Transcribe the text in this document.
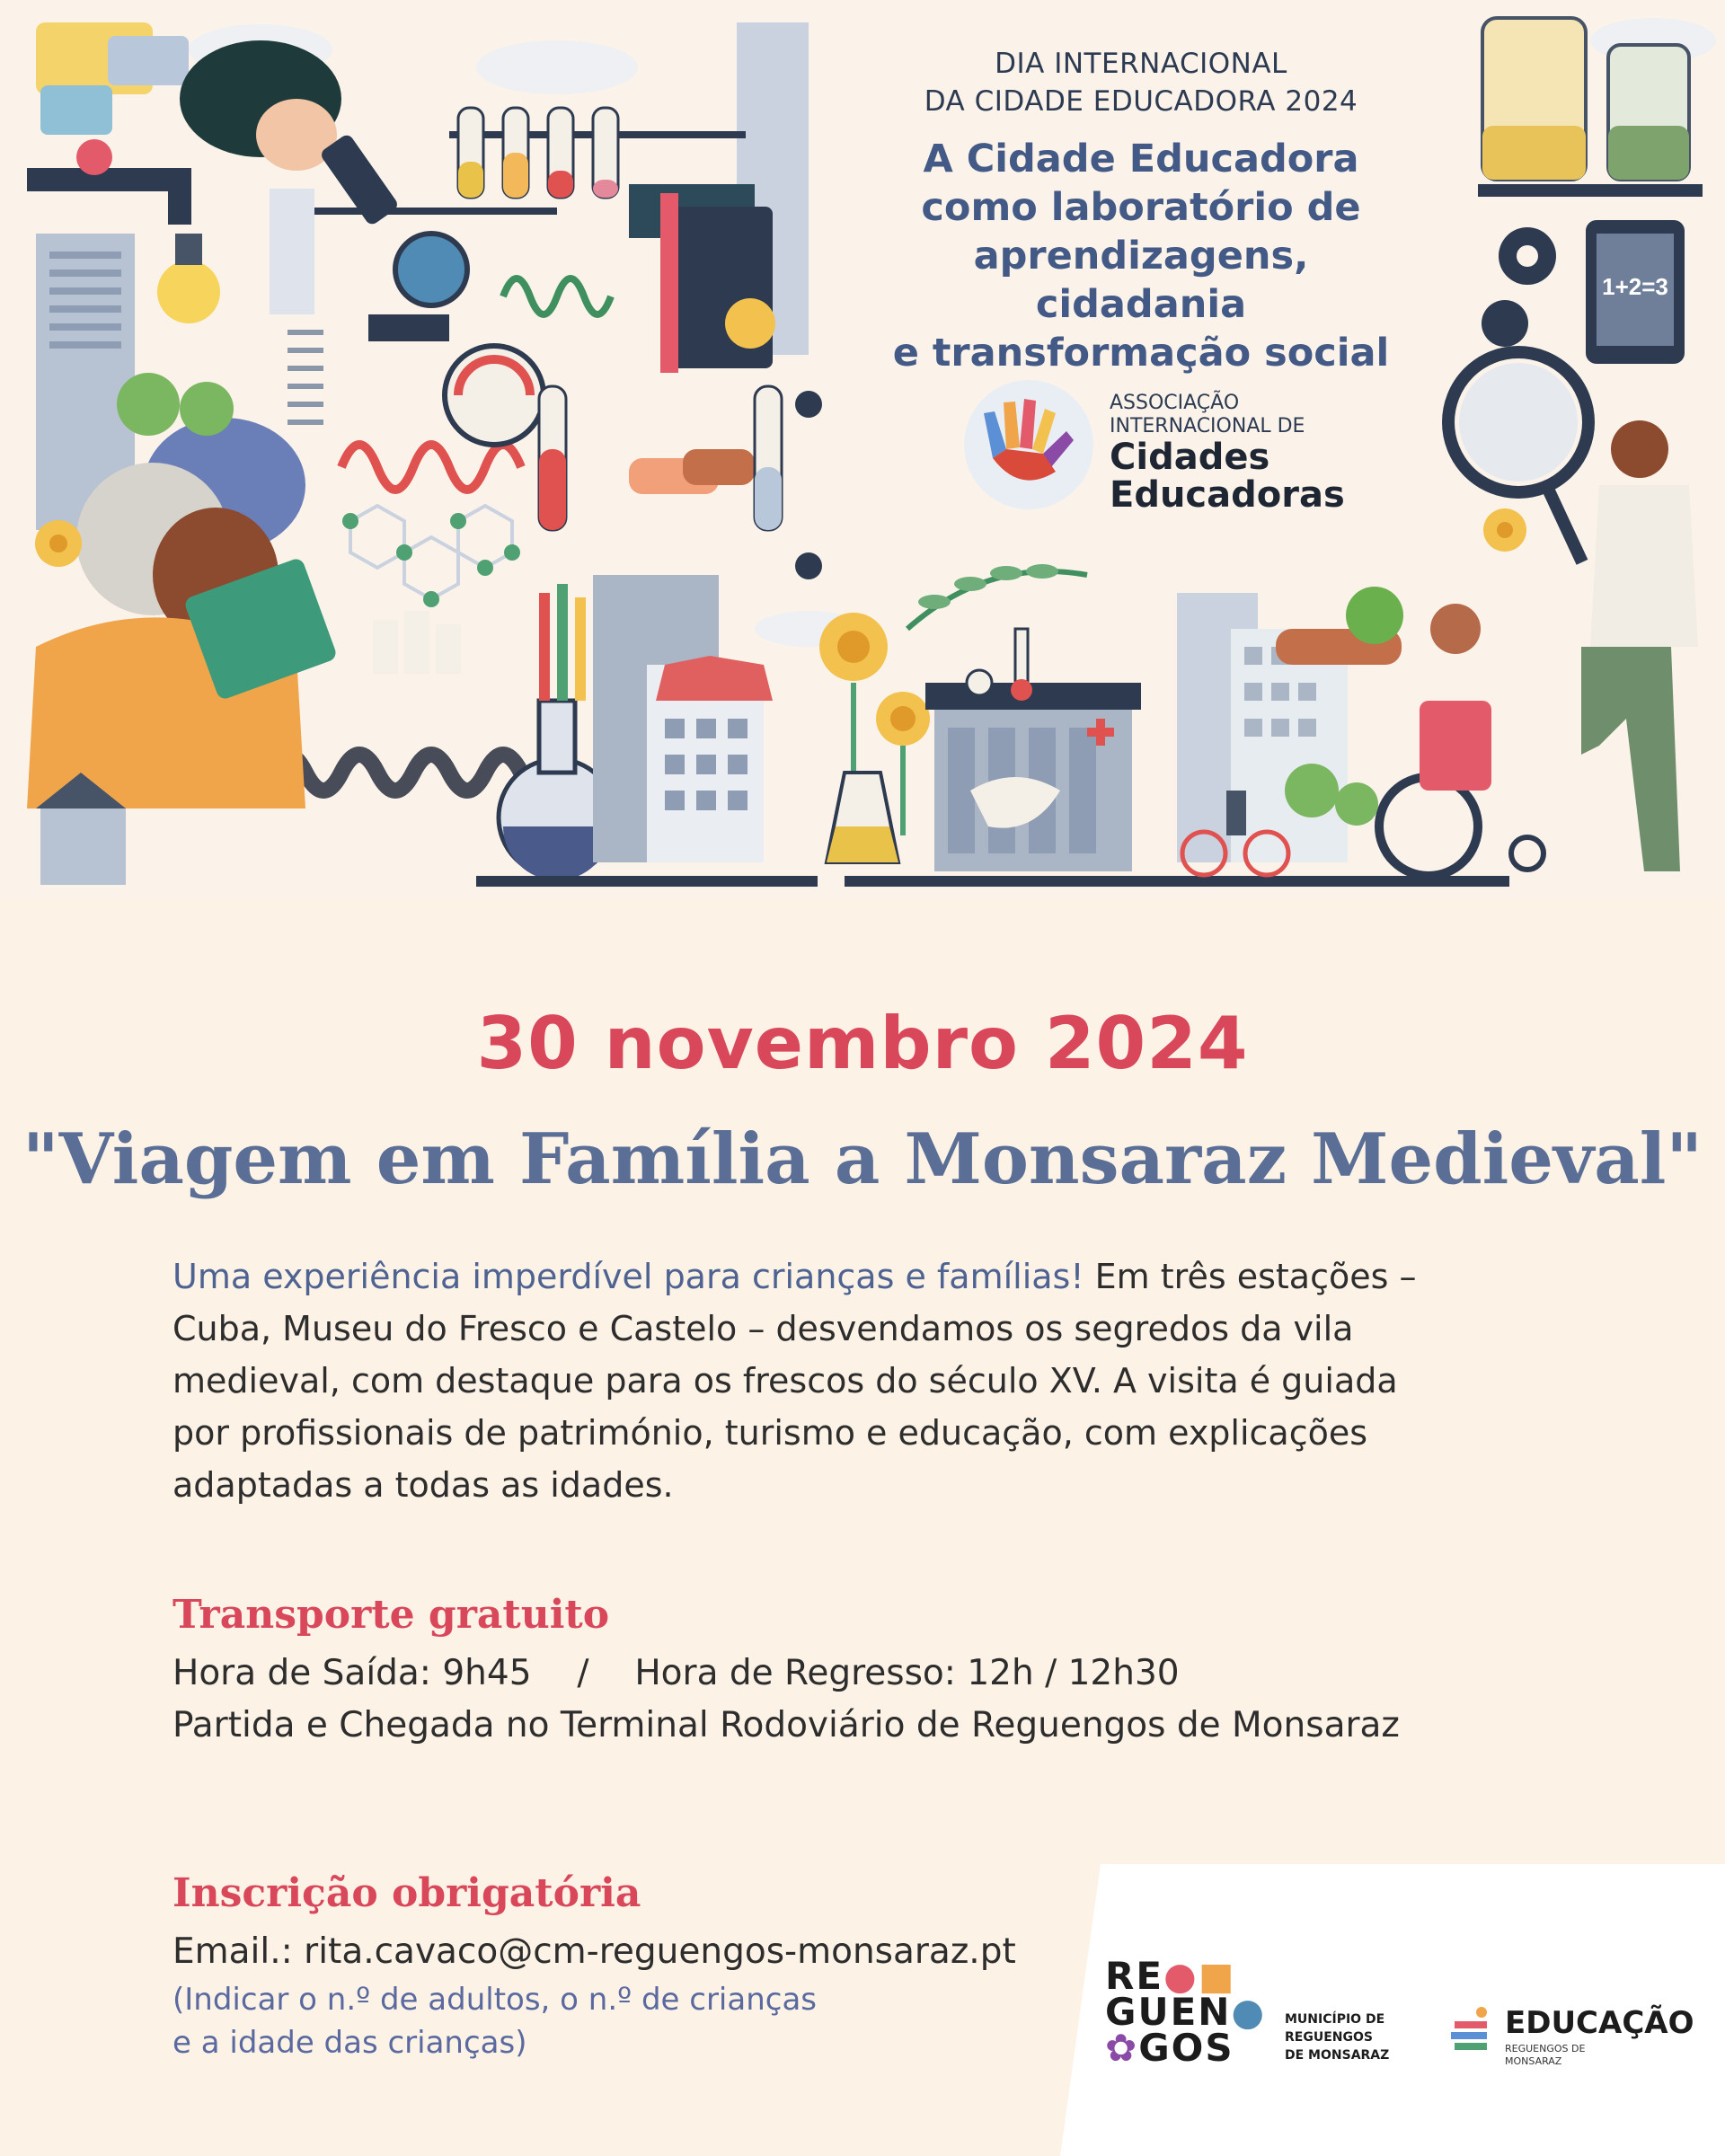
1+2=3
DIA INTERNACIONAL
DA CIDADE EDUCADORA 2024
A Cidade Educadora
como laboratório de
aprendizagens, cidadania
e transformação social
ASSOCIAÇÃO
INTERNACIONAL DE
Cidades
Educadoras
30 novembro 2024
"Viagem em Família a Monsaraz Medieval"
Uma experiência imperdível para crianças e famílias! Em três estações –
Cuba, Museu do Fresco e Castelo – desvendamos os segredos da vila
medieval, com destaque para os frescos do século XV. A visita é guiada
por profissionais de património, turismo e educação, com explicações
adaptadas a todas as idades.
Transporte gratuito
Hora de Saída: 9h45 / Hora de Regresso: 12h / 12h30
Partida e Chegada no Terminal Rodoviário de Reguengos de Monsaraz
Inscrição obrigatória
Email.: rita.cavaco@cm-reguengos-monsaraz.pt
(Indicar o n.º de adultos, o n.º de crianças
e a idade das crianças)
RE●■
GUEN●
✿GOS
MUNICÍPIO DE
REGUENGOS
DE MONSARAZ
EDUCAÇÃO
REGUENGOS DE
MONSARAZ
